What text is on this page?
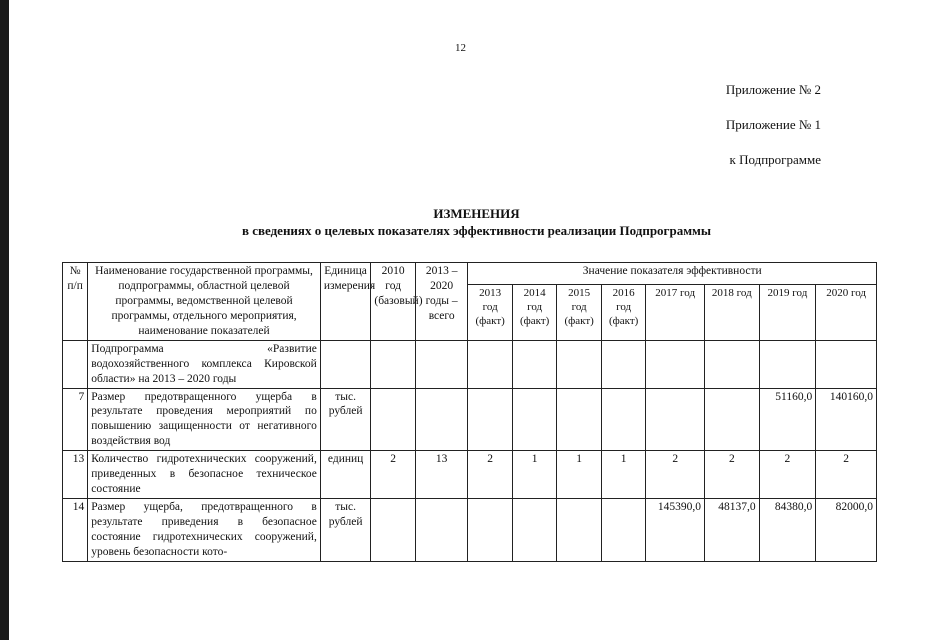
12
Приложение № 2
Приложение № 1
к Подпрограмме
ИЗМЕНЕНИЯ
в сведениях о целевых показателях эффективности реализации Подпрограммы
№ п/п	Наименование государственной программы, подпрограммы, областной целевой программы, ведомственной целевой программы, отдельного мероприятия, наименование показателей	Единица измерения	2010 год (базовый)	2013 – 2020 годы – всего	Значение показателя эффективности							
					2013 год (факт)	2014 год (факт)	2015 год (факт)	2016 год (факт)	2017 год	2018 год	2019 год	2020 год
	Подпрограмма «Развитие водохозяйственного комплекса Кировской области» на 2013 – 2020 годы											
7	Размер предотвращенного ущерба в результате проведения мероприятий по повышению защищенности от негативного воздействия вод	тыс. рублей									51160,0	140160,0
13	Количество гидротехнических сооружений, приведенных в безопасное техническое состояние	единиц	2	13	2	1	1	1	2	2	2	2
14	Размер ущерба, предотвращенного в результате приведения в безопасное состояние гидротехнических сооружений, уровень безопасности кото-	тыс. рублей							145390,0	48137,0	84380,0	82000,0
